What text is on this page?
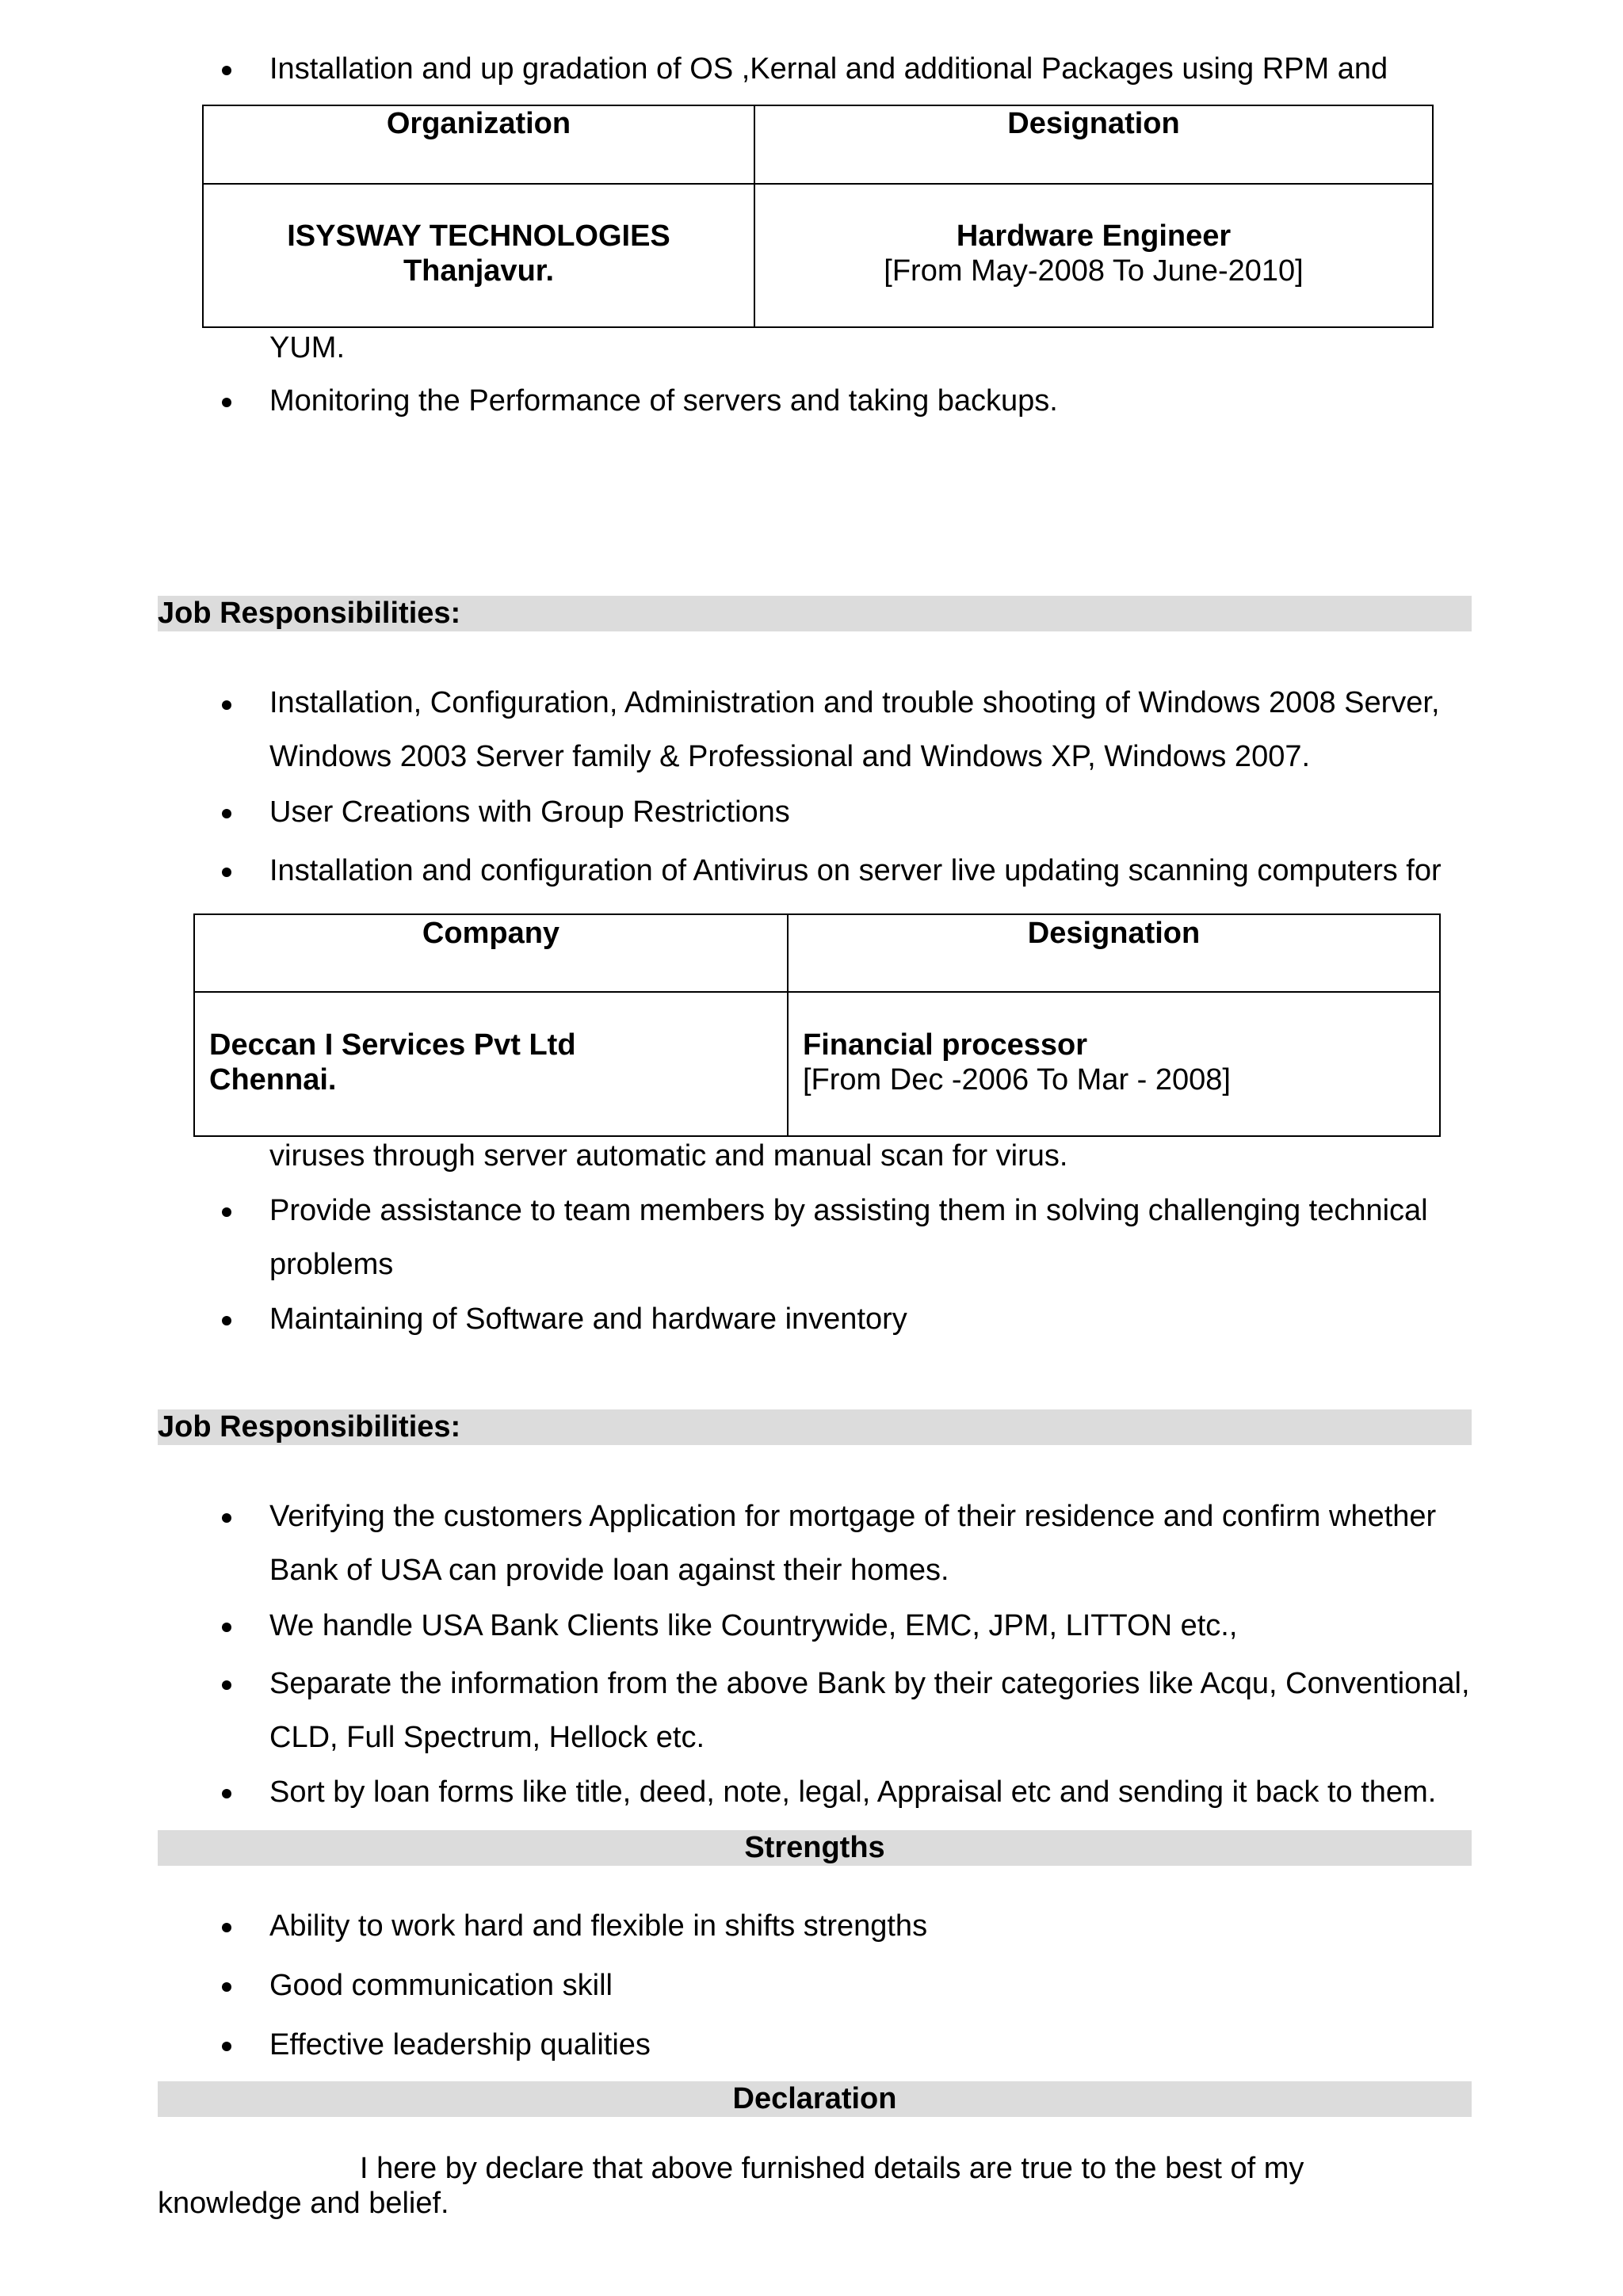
Installation and up gradation of OS ,Kernal and additional Packages using RPM and
Organization	Designation
ISYSWAY TECHNOLOGIES
Thanjavur.
Hardware Engineer
[From May-2008 To June-2010]
YUM.
Monitoring the Performance of servers and taking backups.
Job Responsibilities:
Installation, Configuration, Administration and trouble shooting of Windows 2008 Server,
Windows 2003 Server family & Professional and Windows XP, Windows 2007.
User Creations with Group Restrictions
Installation and configuration of Antivirus on server live updating scanning computers for
Company	Designation
Deccan I Services Pvt Ltd
Chennai.
Financial processor
[From Dec -2006 To Mar - 2008]
viruses through server automatic and manual scan for virus.
Provide assistance to team members by assisting them in solving challenging technical
problems
Maintaining of Software and hardware inventory
Job Responsibilities:
Verifying the customers Application for mortgage of their residence and confirm whether
Bank of USA can provide loan against their homes.
We handle USA Bank Clients like Countrywide, EMC, JPM, LITTON etc.,
Separate the information from the above Bank by their categories like Acqu, Conventional,
CLD, Full Spectrum, Hellock etc.
Sort by loan forms like title, deed, note, legal, Appraisal etc and sending it back to them.
Strengths
Ability to work hard and flexible in shifts strengths
Good communication skill
Effective leadership qualities
Declaration
I here by declare that above furnished details are true to the best of my
knowledge and belief.
